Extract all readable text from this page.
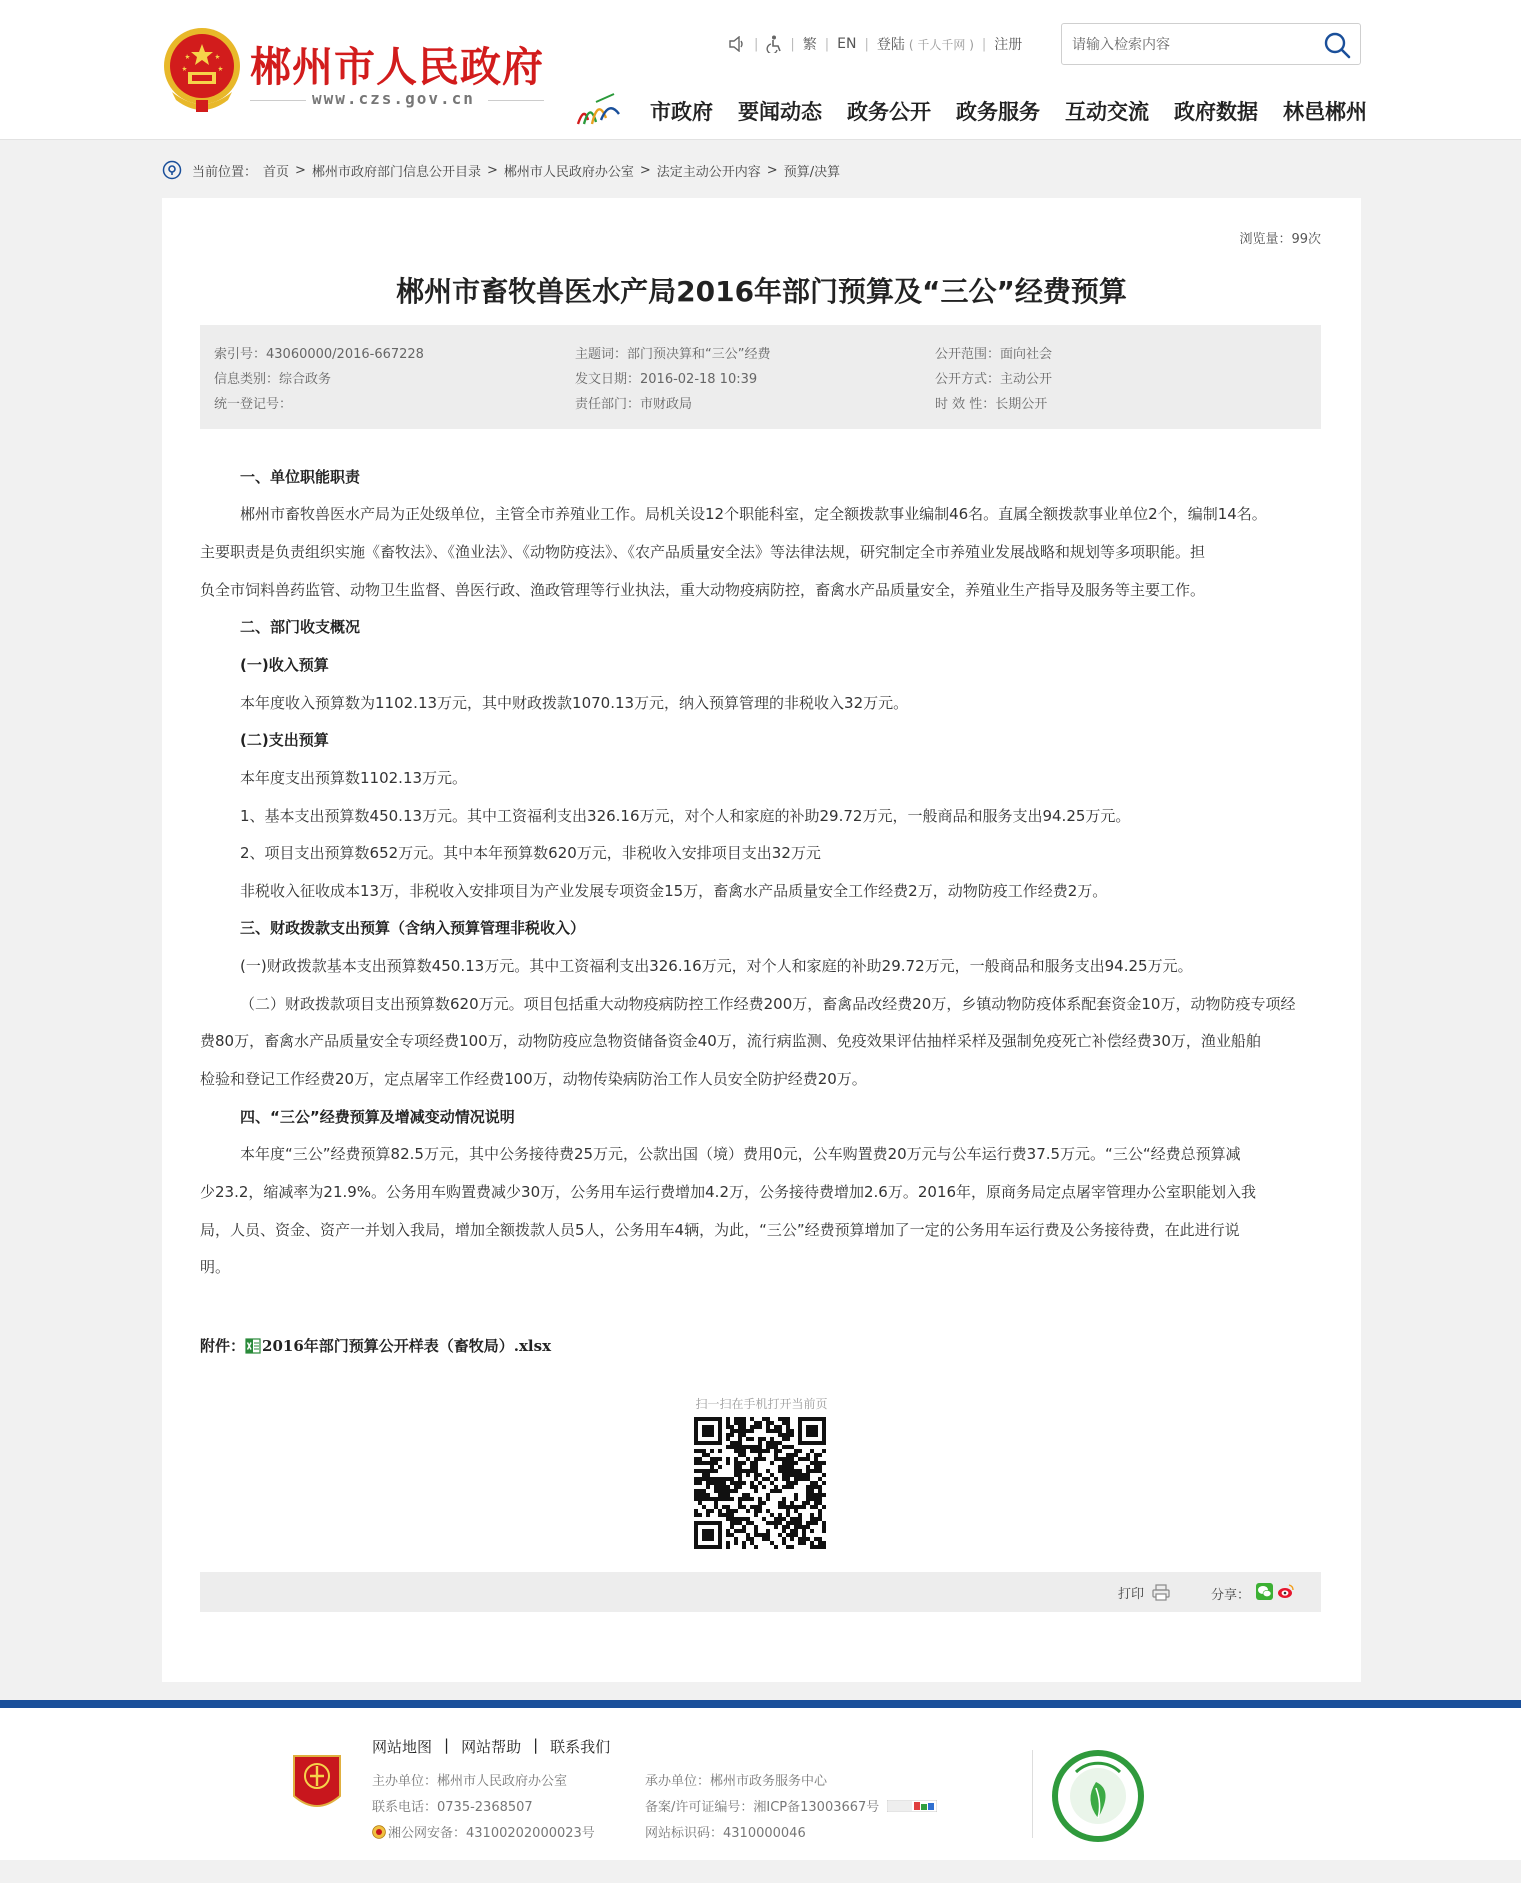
郴州市人民政府
www.czs.gov.cn
| | 繁 | EN | 登陆 ( 千人千网 ) | 注册
请输入检索内容
市政府 要闻动态 政务公开 政务服务 互动交流 政府数据 林邑郴州
当前位置： 首页 > 郴州市政府部门信息公开目录 > 郴州市人民政府办公室 > 法定主动公开内容 > 预算/决算
浏览量：99次
郴州市畜牧兽医水产局2016年部门预算及“三公”经费预算
索引号：43060000/2016-667228
信息类别：综合政务
统一登记号：
主题词：部门预决算和“三公”经费
发文日期：2016-02-18 10:39
责任部门：市财政局
公开范围：面向社会
公开方式：主动公开
时 效 性：长期公开
一、单位职能职责
郴州市畜牧兽医水产局为正处级单位，主管全市养殖业工作。局机关设12个职能科室，定全额拨款事业编制46名。直属全额拨款事业单位2个，编制14名。
主要职责是负责组织实施《畜牧法》、《渔业法》、《动物防疫法》、《农产品质量安全法》等法律法规，研究制定全市养殖业发展战略和规划等多项职能。担
负全市饲料兽药监管、动物卫生监督、兽医行政、渔政管理等行业执法，重大动物疫病防控，畜禽水产品质量安全，养殖业生产指导及服务等主要工作。
二、部门收支概况
(一)收入预算
本年度收入预算数为1102.13万元，其中财政拨款1070.13万元，纳入预算管理的非税收入32万元。
(二)支出预算
本年度支出预算数1102.13万元。
1、基本支出预算数450.13万元。其中工资福利支出326.16万元，对个人和家庭的补助29.72万元，一般商品和服务支出94.25万元。
2、项目支出预算数652万元。其中本年预算数620万元，非税收入安排项目支出32万元
非税收入征收成本13万，非税收入安排项目为产业发展专项资金15万，畜禽水产品质量安全工作经费2万，动物防疫工作经费2万。
三、财政拨款支出预算（含纳入预算管理非税收入）
(一)财政拨款基本支出预算数450.13万元。其中工资福利支出326.16万元，对个人和家庭的补助29.72万元，一般商品和服务支出94.25万元。
（二）财政拨款项目支出预算数620万元。项目包括重大动物疫病防控工作经费200万，畜禽品改经费20万，乡镇动物防疫体系配套资金10万，动物防疫专项经
费80万，畜禽水产品质量安全专项经费100万，动物防疫应急物资储备资金40万，流行病监测、免疫效果评估抽样采样及强制免疫死亡补偿经费30万，渔业船舶
检验和登记工作经费20万，定点屠宰工作经费100万，动物传染病防治工作人员安全防护经费20万。
四、“三公”经费预算及增减变动情况说明
本年度“三公”经费预算82.5万元，其中公务接待费25万元，公款出国（境）费用0元，公车购置费20万元与公车运行费37.5万元。“三公“经费总预算减
少23.2，缩减率为21.9%。公务用车购置费减少30万，公务用车运行费增加4.2万，公务接待费增加2.6万。2016年，原商务局定点屠宰管理办公室职能划入我
局，人员、资金、资产一并划入我局，增加全额拨款人员5人，公务用车4辆，为此，“三公”经费预算增加了一定的公务用车运行费及公务接待费，在此进行说
明。
附件： 2016年部门预算公开样表（畜牧局）.xlsx
扫一扫在手机打开当前页
打印	分享：
网站地图 | 网站帮助 | 联系我们
主办单位：郴州市人民政府办公室
联系电话：0735-2368507
湘公网安备：43100202000023号
承办单位：郴州市政务服务中心
备案/许可证编号：湘ICP备13003667号
网站标识码：4310000046
